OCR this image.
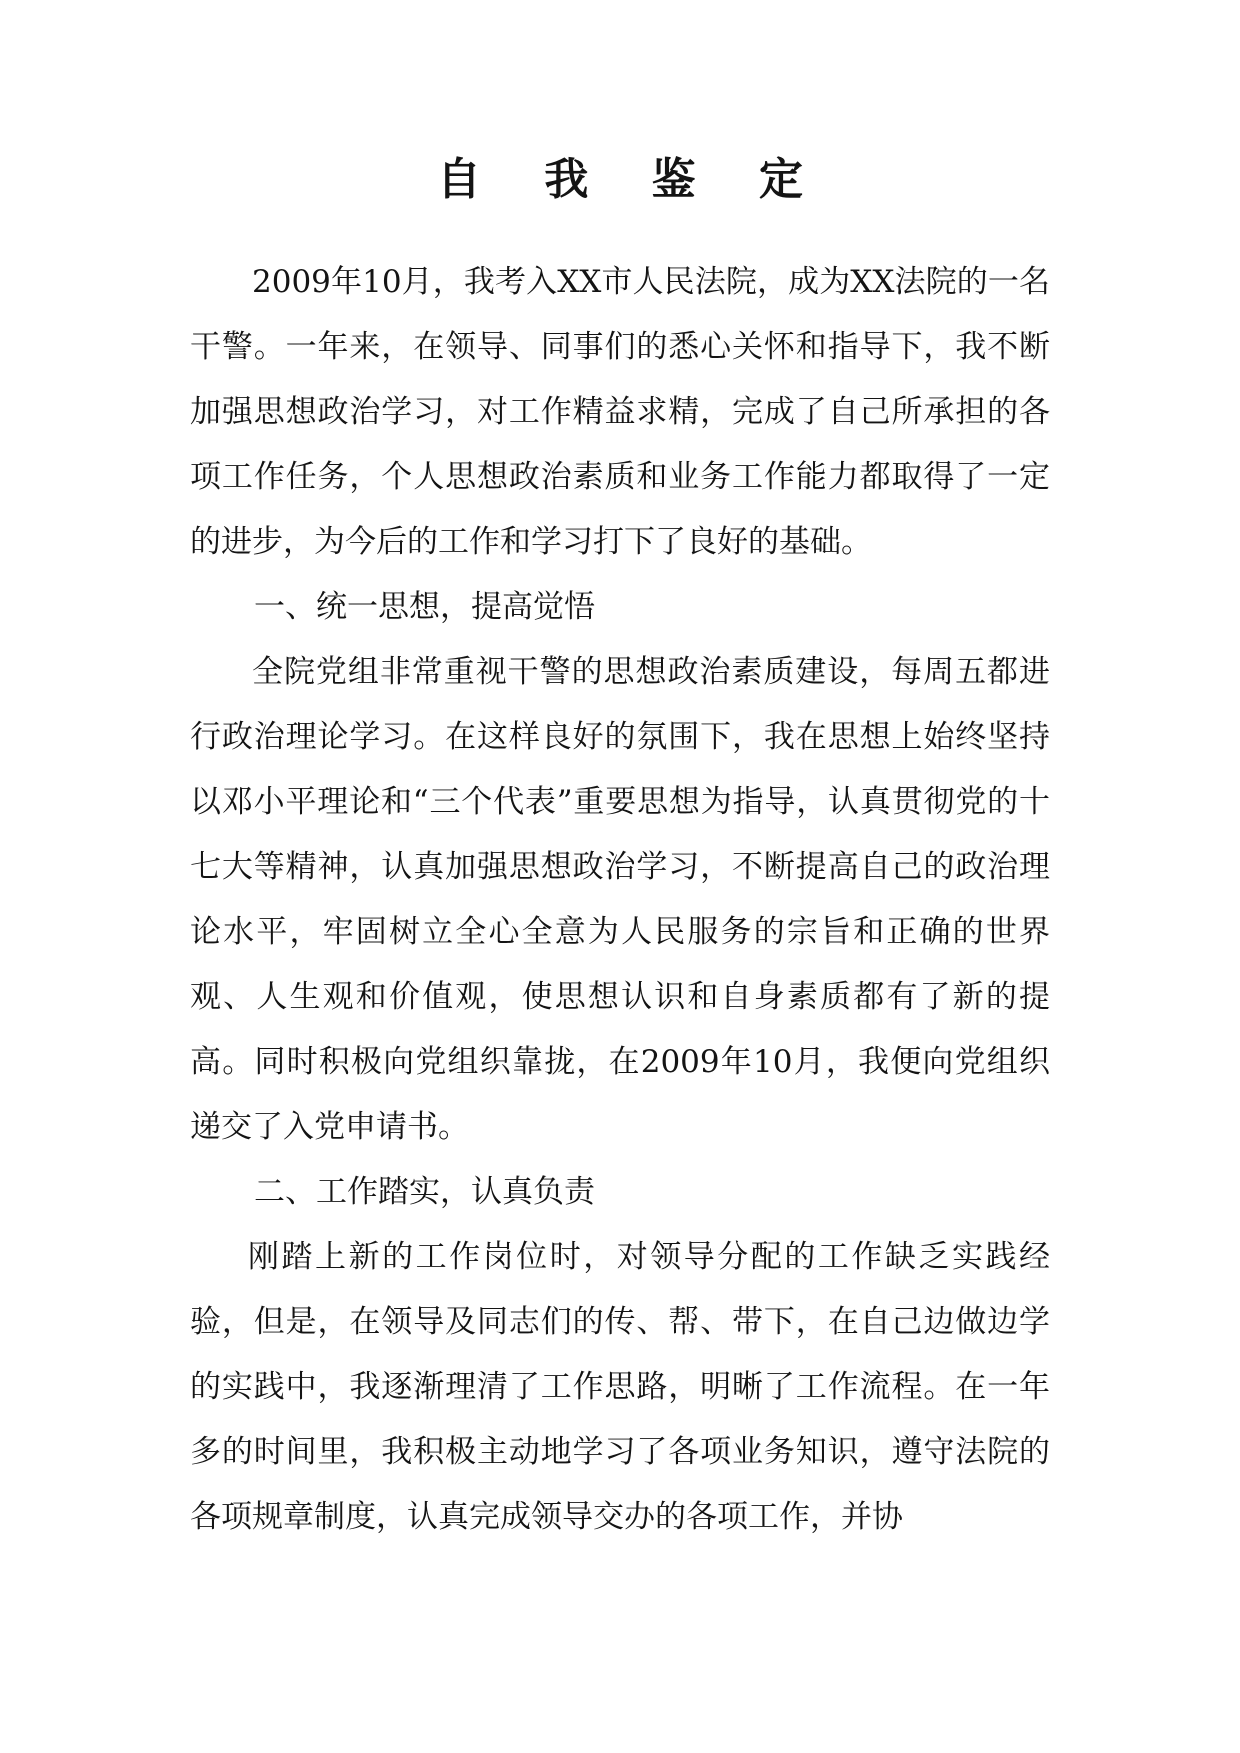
自 我 鉴 定

2009年10月，我考入XX市人民法院，成为XX法院的一名干警。一年来，在领导、同事们的悉心关怀和指导下，我不断加强思想政治学习，对工作精益求精，完成了自己所承担的各项工作任务，个人思想政治素质和业务工作能力都取得了一定的进步，为今后的工作和学习打下了良好的基础。

一、统一思想，提高觉悟

全院党组非常重视干警的思想政治素质建设，每周五都进行政治理论学习。在这样良好的氛围下，我在思想上始终坚持以邓小平理论和“三个代表”重要思想为指导，认真贯彻党的十七大等精神，认真加强思想政治学习，不断提高自己的政治理论水平，牢固树立全心全意为人民服务的宗旨和正确的世界观、人生观和价值观，使思想认识和自身素质都有了新的提高。同时积极向党组织靠拢，在2009年10月，我便向党组织递交了入党申请书。

二、工作踏实，认真负责

刚踏上新的工作岗位时，对领导分配的工作缺乏实践经验，但是，在领导及同志们的传、帮、带下，在自己边做边学的实践中，我逐渐理清了工作思路，明晰了工作流程。在一年多的时间里，我积极主动地学习了各项业务知识，遵守法院的各项规章制度，认真完成领导交办的各项工作，并协
